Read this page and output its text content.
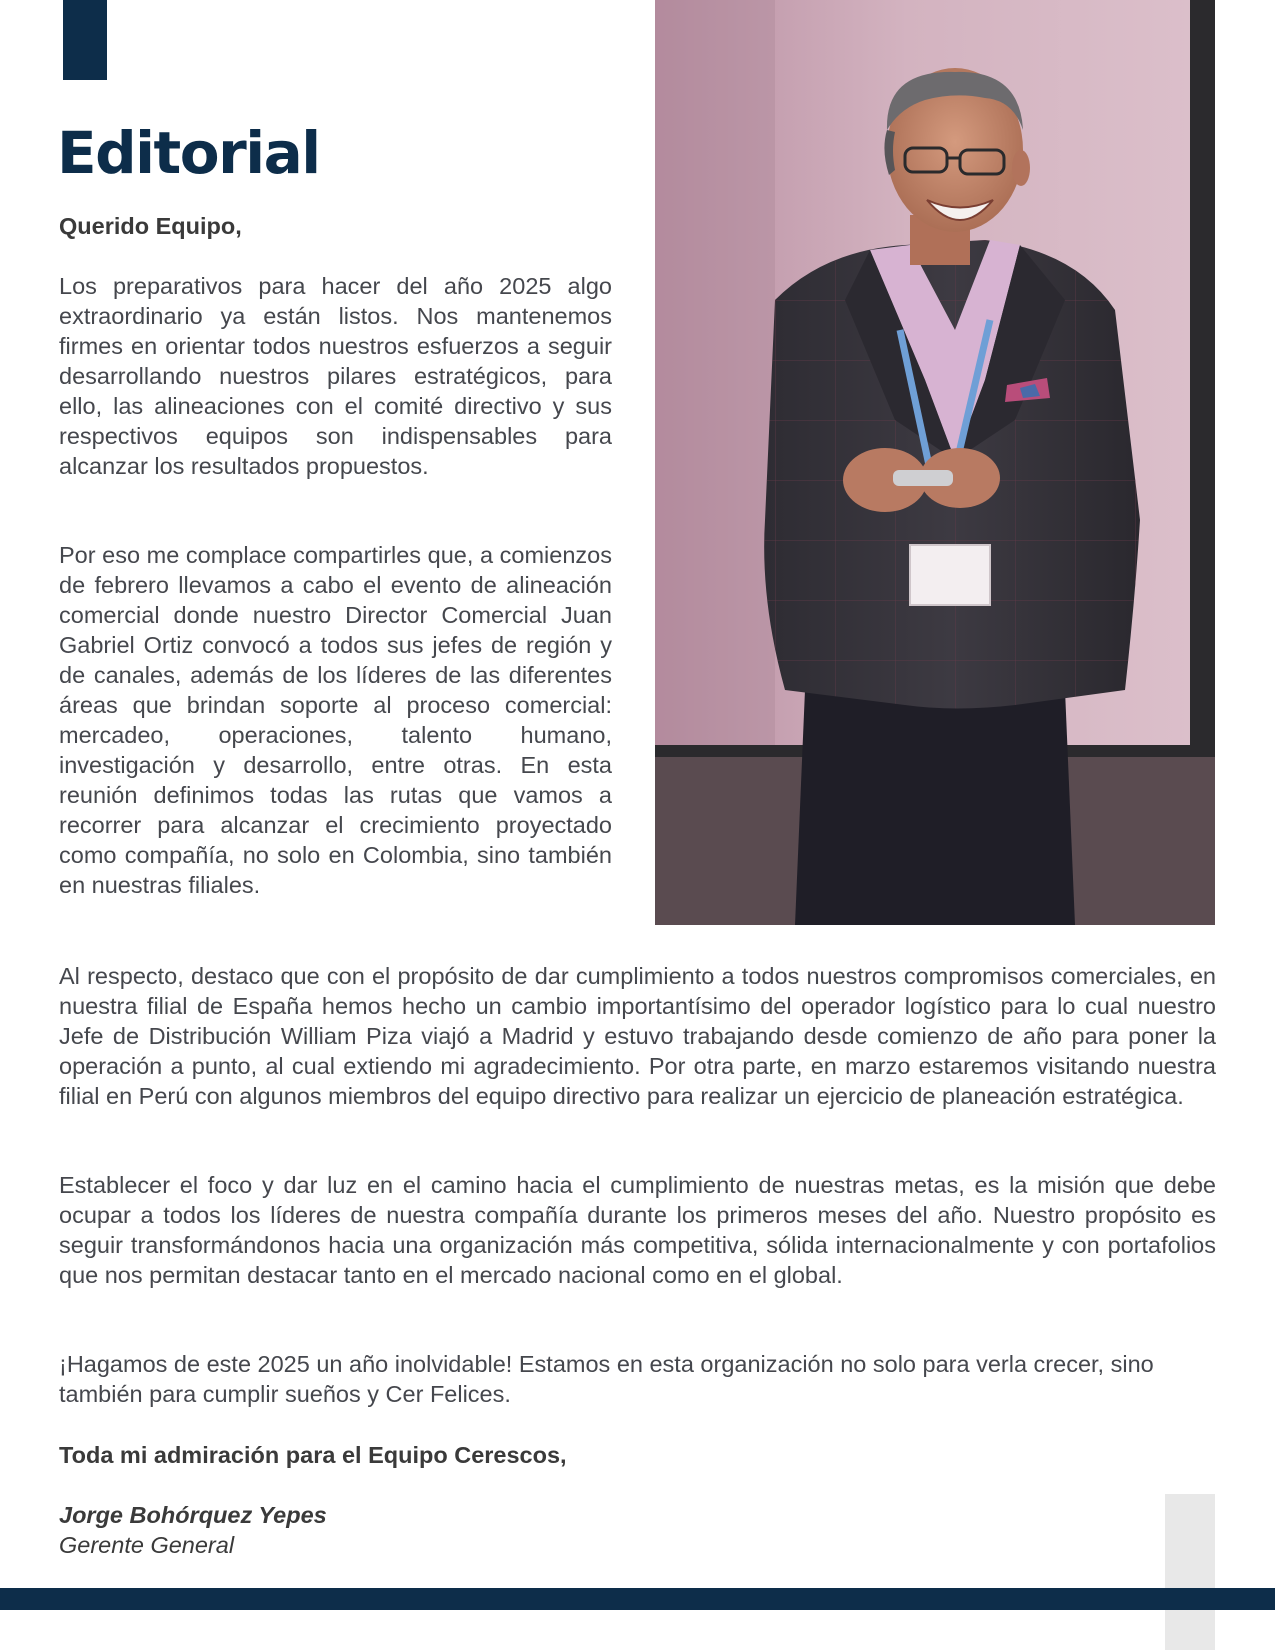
Editorial

Querido Equipo,

Los preparativos para hacer del año 2025 algo extraordinario ya están listos. Nos mantenemos firmes en orientar todos nuestros esfuerzos a seguir desarrollando nuestros pilares estratégicos, para ello, las alineaciones con el comité directivo y sus respectivos equipos son indispensables para alcanzar los resultados propuestos.

Por eso me complace compartirles que, a comienzos de febrero llevamos a cabo el evento de alineación comercial donde nuestro Director Comercial Juan Gabriel Ortiz convocó a todos sus jefes de región y de canales, además de los líderes de las diferentes áreas que brindan soporte al proceso comercial: mercadeo, operaciones, talento humano, investigación y desarrollo, entre otras. En esta reunión definimos todas las rutas que vamos a recorrer para alcanzar el crecimiento proyectado como compañía, no solo en Colombia, sino también en nuestras filiales.

Al respecto, destaco que con el propósito de dar cumplimiento a todos nuestros compromisos comerciales, en nuestra filial de España hemos hecho un cambio importantísimo del operador logístico para lo cual nuestro Jefe de Distribución William Piza viajó a Madrid y estuvo trabajando desde comienzo de año para poner la operación a punto, al cual extiendo mi agradecimiento. Por otra parte, en marzo estaremos visitando nuestra filial en Perú con algunos miembros del equipo directivo para realizar un ejercicio de planeación estratégica.

Establecer el foco y dar luz en el camino hacia el cumplimiento de nuestras metas, es la misión que debe ocupar a todos los líderes de nuestra compañía durante los primeros meses del año. Nuestro propósito es seguir transformándonos hacia una organización más competitiva, sólida internacionalmente y con portafolios que nos permitan destacar tanto en el mercado nacional como en el global.

¡Hagamos de este 2025 un año inolvidable! Estamos en esta organización no solo para verla crecer, sino también para cumplir sueños y Cer Felices.

Toda mi admiración para el Equipo Cerescos,

Jorge Bohórquez Yepes

Gerente General
